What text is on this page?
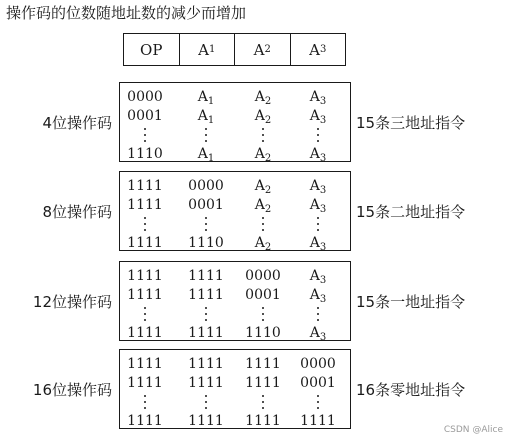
操作码的位数随地址数的减少而增加
OP A 1	A 2	A 3
0000 $A_1$	$A_2$	$A_3$
0001 $A_1$	$A_2$	$A_3$
1110 $A_1$	$A_2$	$A_3$
4位操作码	15条三地址指令
1111 0000 $A_2$	$A_3$
1111 0001 $A_2$	$A_3$
1111 1110 $A_2$	$A_3$
8位操作码	15条二地址指令
1111 1111 0000 $A_3$
1111 1111 0001 $A_3$
1111 1111 1110 $A_3$
12位操作码	15条一地址指令
1111 1111 1111 0000
1111 1111 1111 0001
1111 1111 1111 1111
16位操作码	16条零地址指令
CSDN @Alice
